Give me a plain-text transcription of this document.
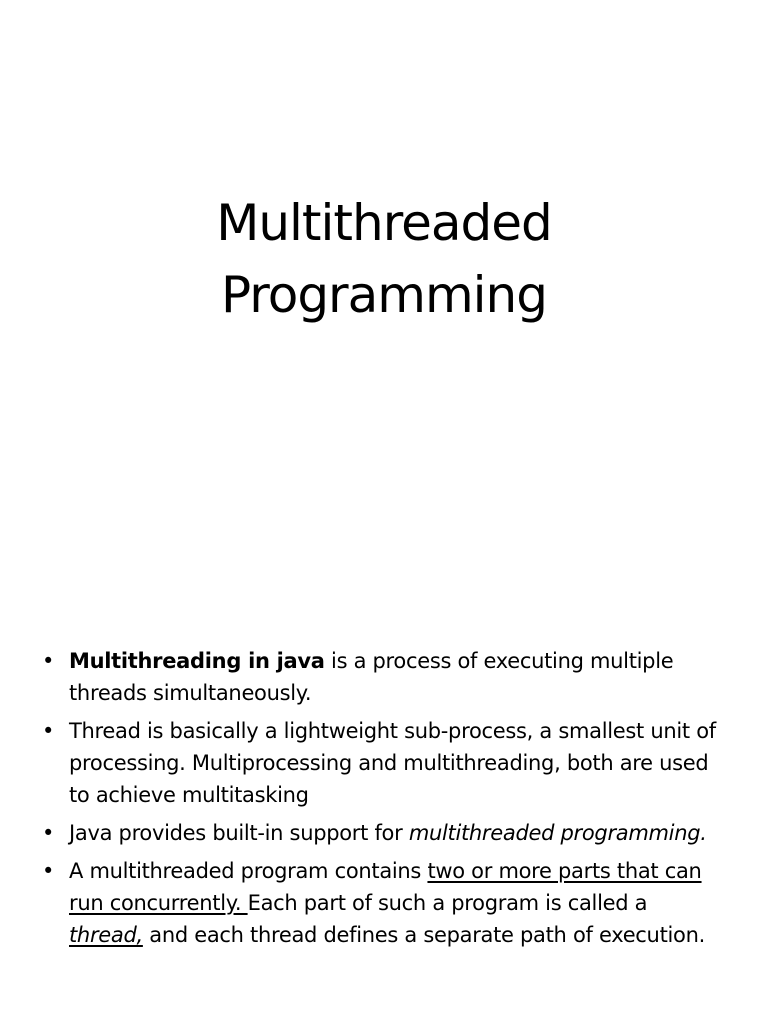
Multithreaded
Programming
• Multithreading in java is a process of executing multiple threads simultaneously.
• Thread is basically a lightweight sub-process, a smallest unit of processing. Multiprocessing and multithreading, both are used to achieve multitasking
• Java provides built-in support for multithreaded programming.
• A multithreaded program contains two or more parts that can run concurrently. Each part of such a program is called a thread, and each thread defines a separate path of execution.
